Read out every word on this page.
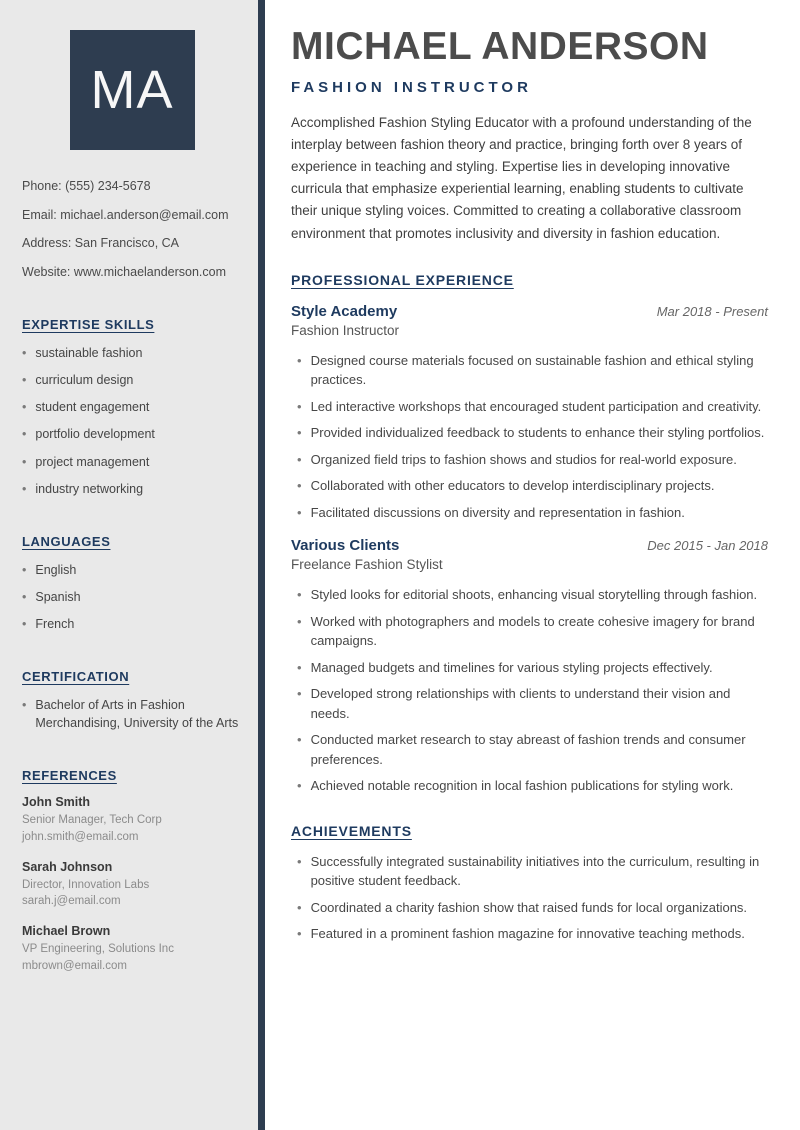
MA
Phone: (555) 234-5678
Email: michael.anderson@email.com
Address: San Francisco, CA
Website: www.michaelanderson.com
EXPERTISE SKILLS
• sustainable fashion
• curriculum design
• student engagement
• portfolio development
• project management
• industry networking
LANGUAGES
• English
• Spanish
• French
CERTIFICATION
• Bachelor of Arts in Fashion Merchandising, University of the Arts
REFERENCES
John Smith
Senior Manager, Tech Corp
john.smith@email.com
Sarah Johnson
Director, Innovation Labs
sarah.j@email.com
Michael Brown
VP Engineering, Solutions Inc
mbrown@email.com
MICHAEL ANDERSON
FASHION INSTRUCTOR

Accomplished Fashion Styling Educator with a profound understanding of the interplay between fashion theory and practice, bringing forth over 8 years of experience in teaching and styling. Expertise lies in developing innovative curricula that emphasize experiential learning, enabling students to cultivate their unique styling voices. Committed to creating a collaborative classroom environment that promotes inclusivity and diversity in fashion education.

PROFESSIONAL EXPERIENCE
Style Academy	Mar 2018 - Present
Fashion Instructor
• Designed course materials focused on sustainable fashion and ethical styling practices.
• Led interactive workshops that encouraged student participation and creativity.
• Provided individualized feedback to students to enhance their styling portfolios.
• Organized field trips to fashion shows and studios for real-world exposure.
• Collaborated with other educators to develop interdisciplinary projects.
• Facilitated discussions on diversity and representation in fashion.
Various Clients	Dec 2015 - Jan 2018
Freelance Fashion Stylist
• Styled looks for editorial shoots, enhancing visual storytelling through fashion.
• Worked with photographers and models to create cohesive imagery for brand campaigns.
• Managed budgets and timelines for various styling projects effectively.
• Developed strong relationships with clients to understand their vision and needs.
• Conducted market research to stay abreast of fashion trends and consumer preferences.
• Achieved notable recognition in local fashion publications for styling work.
ACHIEVEMENTS
• Successfully integrated sustainability initiatives into the curriculum, resulting in positive student feedback.
• Coordinated a charity fashion show that raised funds for local organizations.
• Featured in a prominent fashion magazine for innovative teaching methods.
